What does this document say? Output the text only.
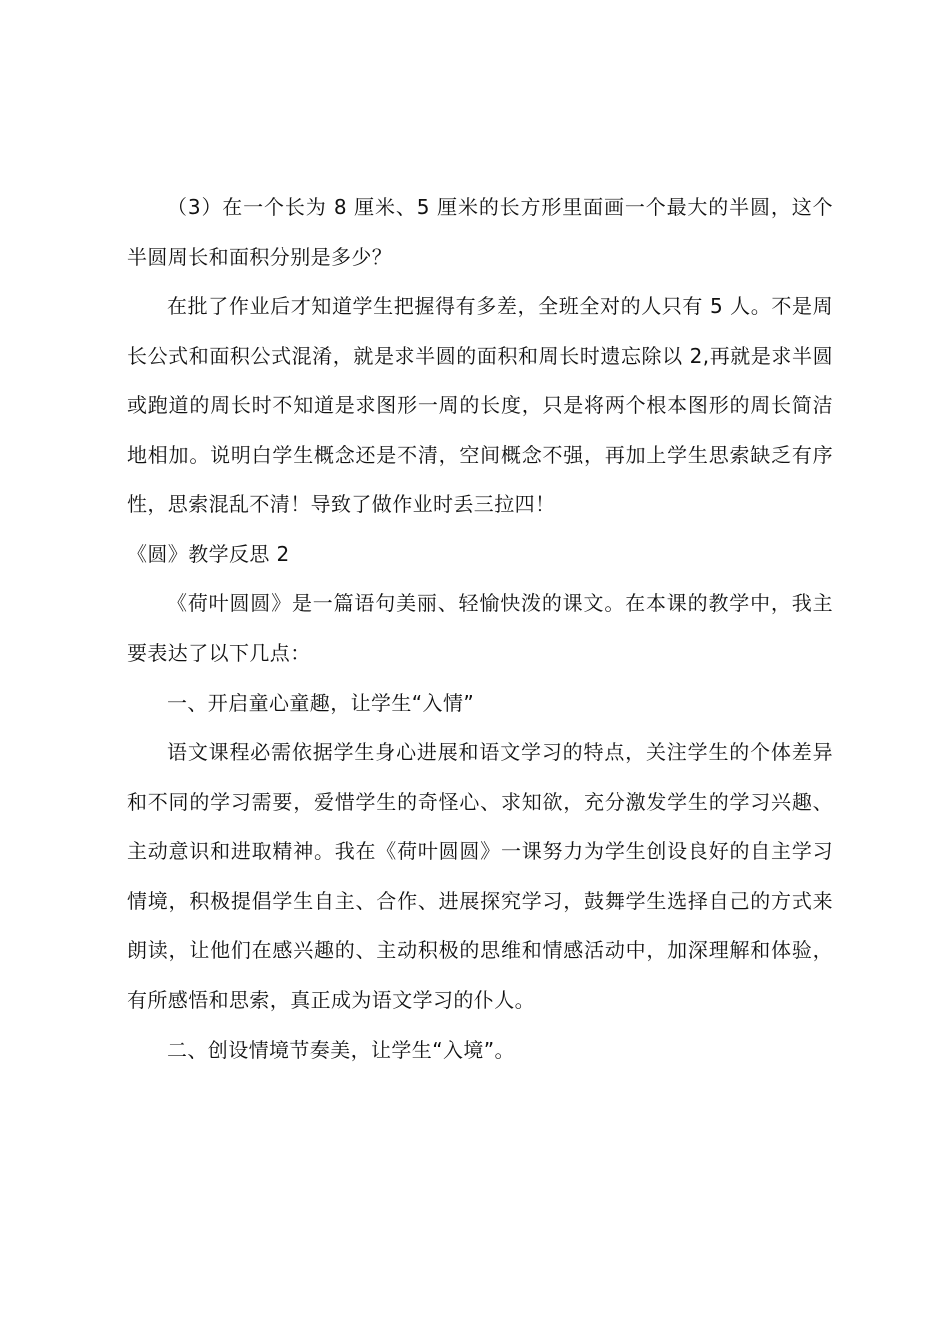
（3）在一个长为 8 厘米、5 厘米的长方形里面画一个最大的半圆，这个半圆周长和面积分别是多少？

在批了作业后才知道学生把握得有多差，全班全对的人只有 5 人。不是周长公式和面积公式混淆，就是求半圆的面积和周长时遗忘除以 2,再就是求半圆或跑道的周长时不知道是求图形一周的长度，只是将两个根本图形的周长简洁地相加。说明白学生概念还是不清，空间概念不强，再加上学生思索缺乏有序性，思索混乱不清！导致了做作业时丢三拉四！

《圆》教学反思 2

《荷叶圆圆》是一篇语句美丽、轻愉快泼的课文。在本课的教学中，我主要表达了以下几点：

一、开启童心童趣，让学生“入情”

语文课程必需依据学生身心进展和语文学习的特点，关注学生的个体差异和不同的学习需要，爱惜学生的奇怪心、求知欲，充分激发学生的学习兴趣、主动意识和进取精神。我在《荷叶圆圆》一课努力为学生创设良好的自主学习情境，积极提倡学生自主、合作、进展探究学习，鼓舞学生选择自己的方式来朗读，让他们在感兴趣的、主动积极的思维和情感活动中，加深理解和体验，有所感悟和思索，真正成为语文学习的仆人。

二、创设情境节奏美，让学生“入境”。
